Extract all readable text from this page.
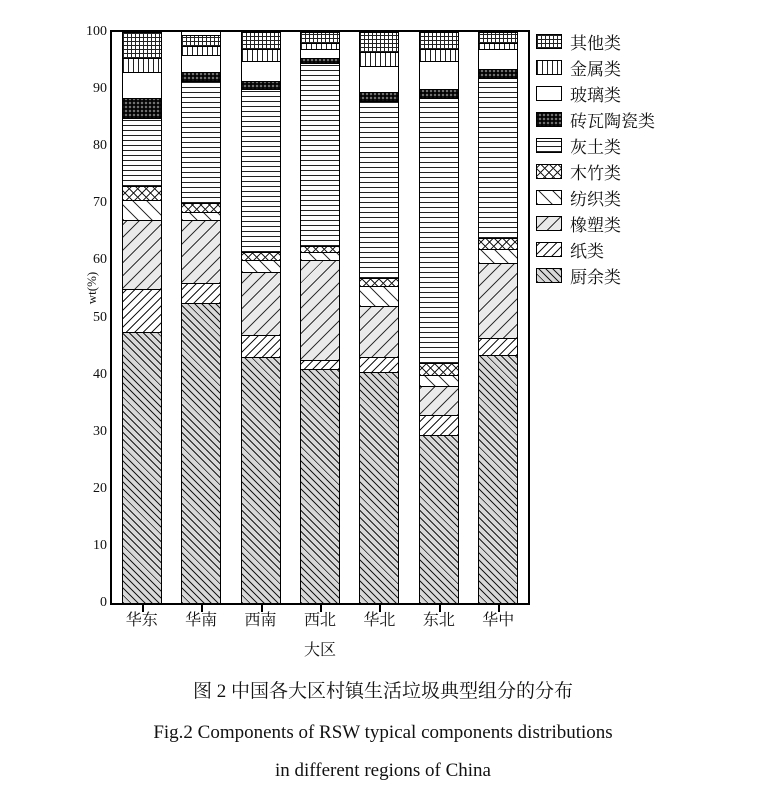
wt(%)
0
10
20
30
40
50
60
70
80
90
100
华东	华南	西南	西北	华北	东北	华中
大区
其他类
金属类
玻璃类
砖瓦陶瓷类
灰土类
木竹类
纺织类
橡塑类
纸类
厨余类
图 2 中国各大区村镇生活垃圾典型组分的分布
Fig.2 Components of RSW typical components distributions
in different regions of China
